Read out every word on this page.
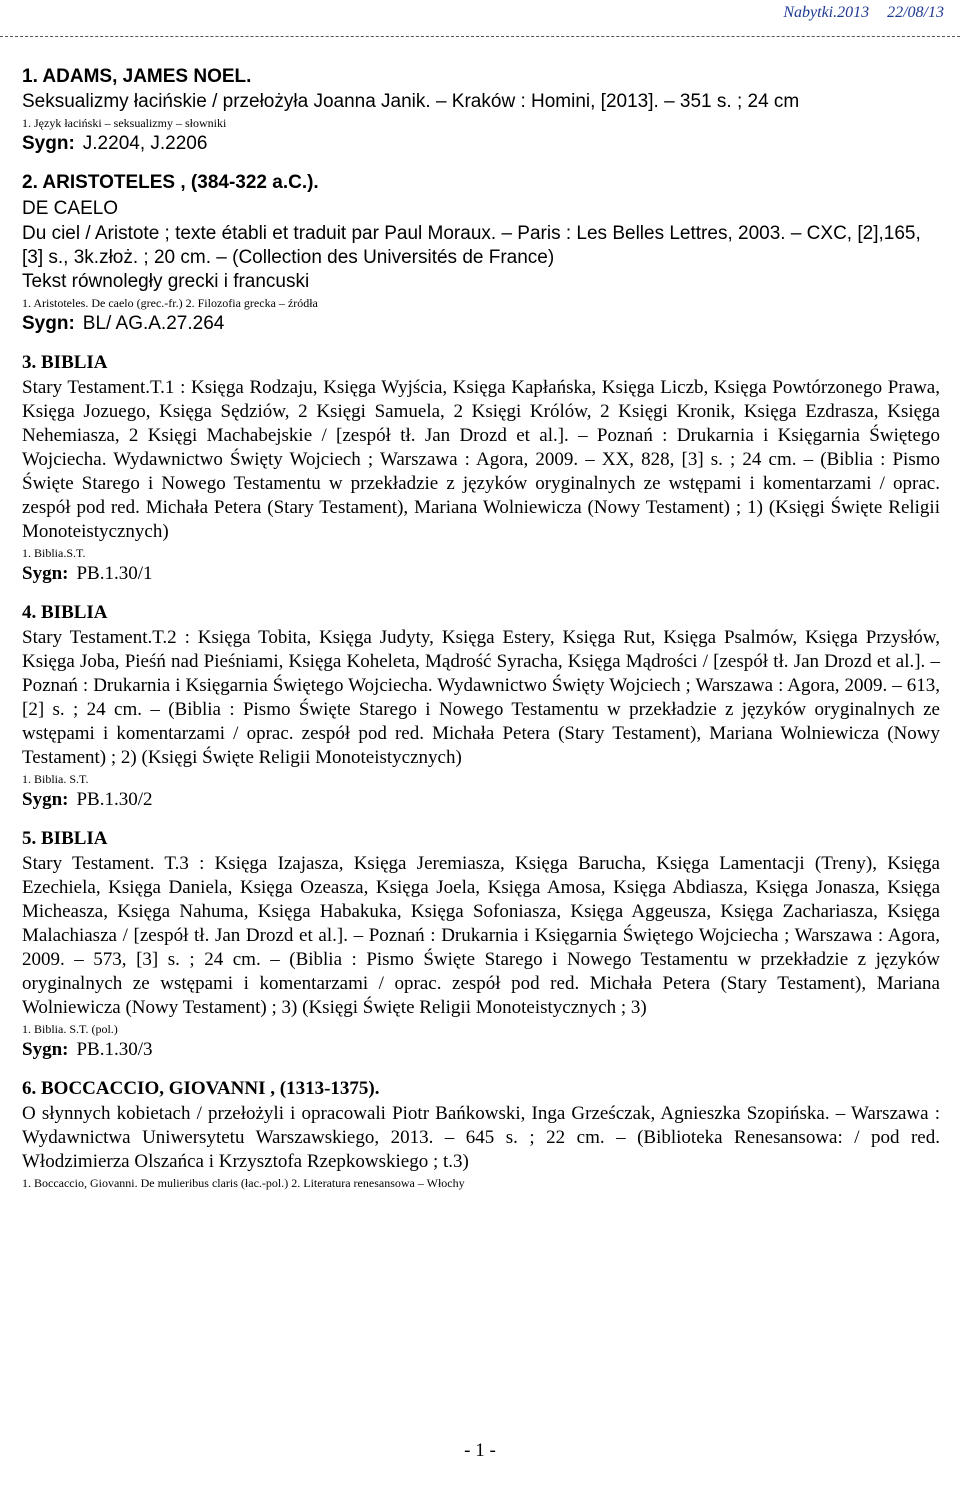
Nabytki.2013 22/08/13
1. ADAMS, JAMES NOEL.
Seksualizmy łacińskie / przełożyła Joanna Janik. – Kraków : Homini, [2013]. – 351 s. ; 24 cm
1. Język łaciński – seksualizmy – słowniki
Sygn: J.2204, J.2206
2. ARISTOTELES , (384-322 a.C.).
DE CAELO
Du ciel / Aristote ; texte établi et traduit par Paul Moraux. – Paris : Les Belles Lettres, 2003. – CXC, [2],165, [3] s., 3k.złoż. ; 20 cm. – (Collection des Universités de France)
Tekst równoległy grecki i francuski
1. Aristoteles. De caelo (grec.-fr.) 2. Filozofia grecka – źródła
Sygn: BL/ AG.A.27.264
3. BIBLIA
Stary Testament.T.1 : Księga Rodzaju, Księga Wyjścia, Księga Kapłańska, Księga Liczb, Księga Powtórzonego Prawa, Księga Jozuego, Księga Sędziów, 2 Księgi Samuela, 2 Księgi Królów, 2 Księgi Kronik, Księga Ezdrasza, Księga Nehemiasza, 2 Księgi Machabejskie / [zespół tł. Jan Drozd et al.]. – Poznań : Drukarnia i Księgarnia Świętego Wojciecha. Wydawnictwo Święty Wojciech ; Warszawa : Agora, 2009. – XX, 828, [3] s. ; 24 cm. – (Biblia : Pismo Święte Starego i Nowego Testamentu w przekładzie z języków oryginalnych ze wstępami i komentarzami / oprac. zespół pod red. Michała Petera (Stary Testament), Mariana Wolniewicza (Nowy Testament) ; 1) (Księgi Święte Religii Monoteistycznych)
1. Biblia.S.T.
Sygn: PB.1.30/1
4. BIBLIA
Stary Testament.T.2 : Księga Tobita, Księga Judyty, Księga Estery, Księga Rut, Księga Psalmów, Księga Przysłów, Księga Joba, Pieśń nad Pieśniami, Księga Koheleta, Mądrość Syracha, Księga Mądrości / [zespół tł. Jan Drozd et al.]. – Poznań : Drukarnia i Księgarnia Świętego Wojciecha. Wydawnictwo Święty Wojciech ; Warszawa : Agora, 2009. – 613, [2] s. ; 24 cm. – (Biblia : Pismo Święte Starego i Nowego Testamentu w przekładzie z języków oryginalnych ze wstępami i komentarzami / oprac. zespół pod red. Michała Petera (Stary Testament), Mariana Wolniewicza (Nowy Testament) ; 2) (Księgi Święte Religii Monoteistycznych)
1. Biblia. S.T.
Sygn: PB.1.30/2
5. BIBLIA
Stary Testament. T.3 : Księga Izajasza, Księga Jeremiasza, Księga Barucha, Księga Lamentacji (Treny), Księga Ezechiela, Księga Daniela, Księga Ozeasza, Księga Joela, Księga Amosa, Księga Abdiasza, Księga Jonasza, Księga Micheasza, Księga Nahuma, Księga Habakuka, Księga Sofoniasza, Księga Aggeusza, Księga Zachariasza, Księga Malachiasza / [zespół tł. Jan Drozd et al.]. – Poznań : Drukarnia i Księgarnia Świętego Wojciecha ; Warszawa : Agora, 2009. – 573, [3] s. ; 24 cm. – (Biblia : Pismo Święte Starego i Nowego Testamentu w przekładzie z języków oryginalnych ze wstępami i komentarzami / oprac. zespół pod red. Michała Petera (Stary Testament), Mariana Wolniewicza (Nowy Testament) ; 3) (Księgi Święte Religii Monoteistycznych ; 3)
1. Biblia. S.T. (pol.)
Sygn: PB.1.30/3
6. BOCCACCIO, GIOVANNI , (1313-1375).
O słynnych kobietach / przełożyli i opracowali Piotr Bańkowski, Inga Grześczak, Agnieszka Szopińska. – Warszawa : Wydawnictwa Uniwersytetu Warszawskiego, 2013. – 645 s. ; 22 cm. – (Biblioteka Renesansowa: / pod red. Włodzimierza Olszańca i Krzysztofa Rzepkowskiego ; t.3)
1. Boccaccio, Giovanni. De mulieribus claris (łac.-pol.) 2. Literatura renesansowa – Włochy
- 1 -
